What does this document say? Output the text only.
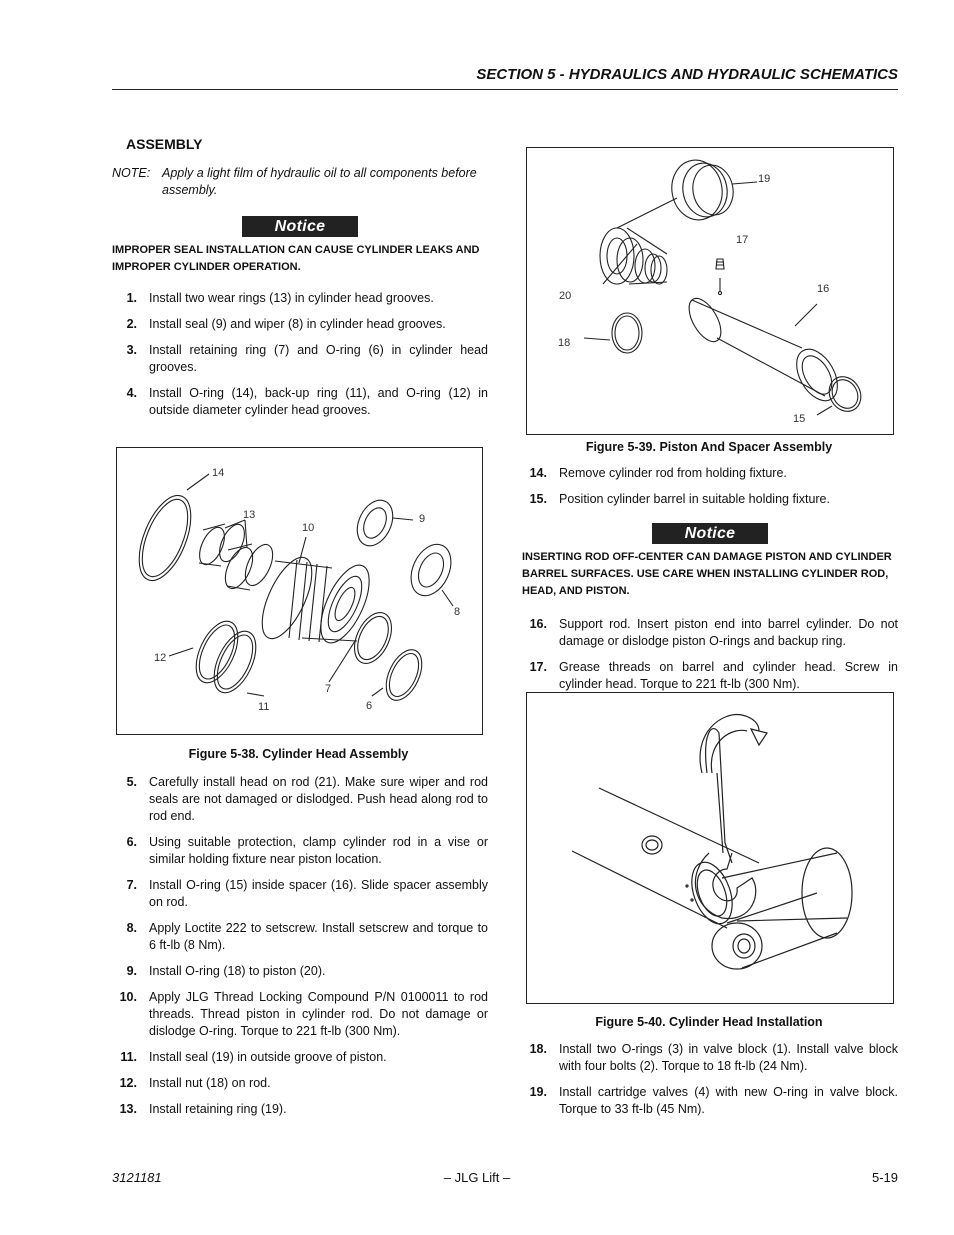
SECTION 5 - HYDRAULICS AND HYDRAULIC SCHEMATICS
ASSEMBLY
NOTE: Apply a light film of hydraulic oil to all components before assembly.
Notice
IMPROPER SEAL INSTALLATION CAN CAUSE CYLINDER LEAKS AND IMPROPER CYLINDER OPERATION.
1. Install two wear rings (13) in cylinder head grooves.
2. Install seal (9) and wiper (8) in cylinder head grooves.
3. Install retaining ring (7) and O-ring (6) in cylinder head grooves.
4. Install O-ring (14), back-up ring (11), and O-ring (12) in outside diameter cylinder head grooves.
14
13
10
9
8
12
7
11	6
Figure 5-38. Cylinder Head Assembly
5. Carefully install head on rod (21). Make sure wiper and rod seals are not damaged or dislodged. Push head along rod to rod end.
6. Using suitable protection, clamp cylinder rod in a vise or similar holding fixture near piston location.
7. Install O-ring (15) inside spacer (16). Slide spacer assembly on rod.
8. Apply Loctite 222 to setscrew. Install setscrew and torque to 6 ft-lb (8 Nm).
9. Install O-ring (18) to piston (20).
10. Apply JLG Thread Locking Compound P/N 0100011 to rod threads. Thread piston in cylinder rod. Do not damage or dislodge O-ring. Torque to 221 ft-lb (300 Nm).
11. Install seal (19) in outside groove of piston.
12. Install nut (18) on rod.
13. Install retaining ring (19).
19
17
16
20
18
15
Figure 5-39. Piston And Spacer Assembly
14. Remove cylinder rod from holding fixture.
15. Position cylinder barrel in suitable holding fixture.
Notice
INSERTING ROD OFF-CENTER CAN DAMAGE PISTON AND CYLINDER BARREL SURFACES. USE CARE WHEN INSTALLING CYLINDER ROD, HEAD, AND PISTON.
16. Support rod. Insert piston end into barrel cylinder. Do not damage or dislodge piston O-rings and backup ring.
17. Grease threads on barrel and cylinder head. Screw in cylinder head. Torque to 221 ft-lb (300 Nm).
Figure 5-40. Cylinder Head Installation
18. Install two O-rings (3) in valve block (1). Install valve block with four bolts (2). Torque to 18 ft-lb (24 Nm).
19. Install cartridge valves (4) with new O-ring in valve block. Torque to 33 ft-lb (45 Nm).
3121181	– JLG Lift –	5-19
